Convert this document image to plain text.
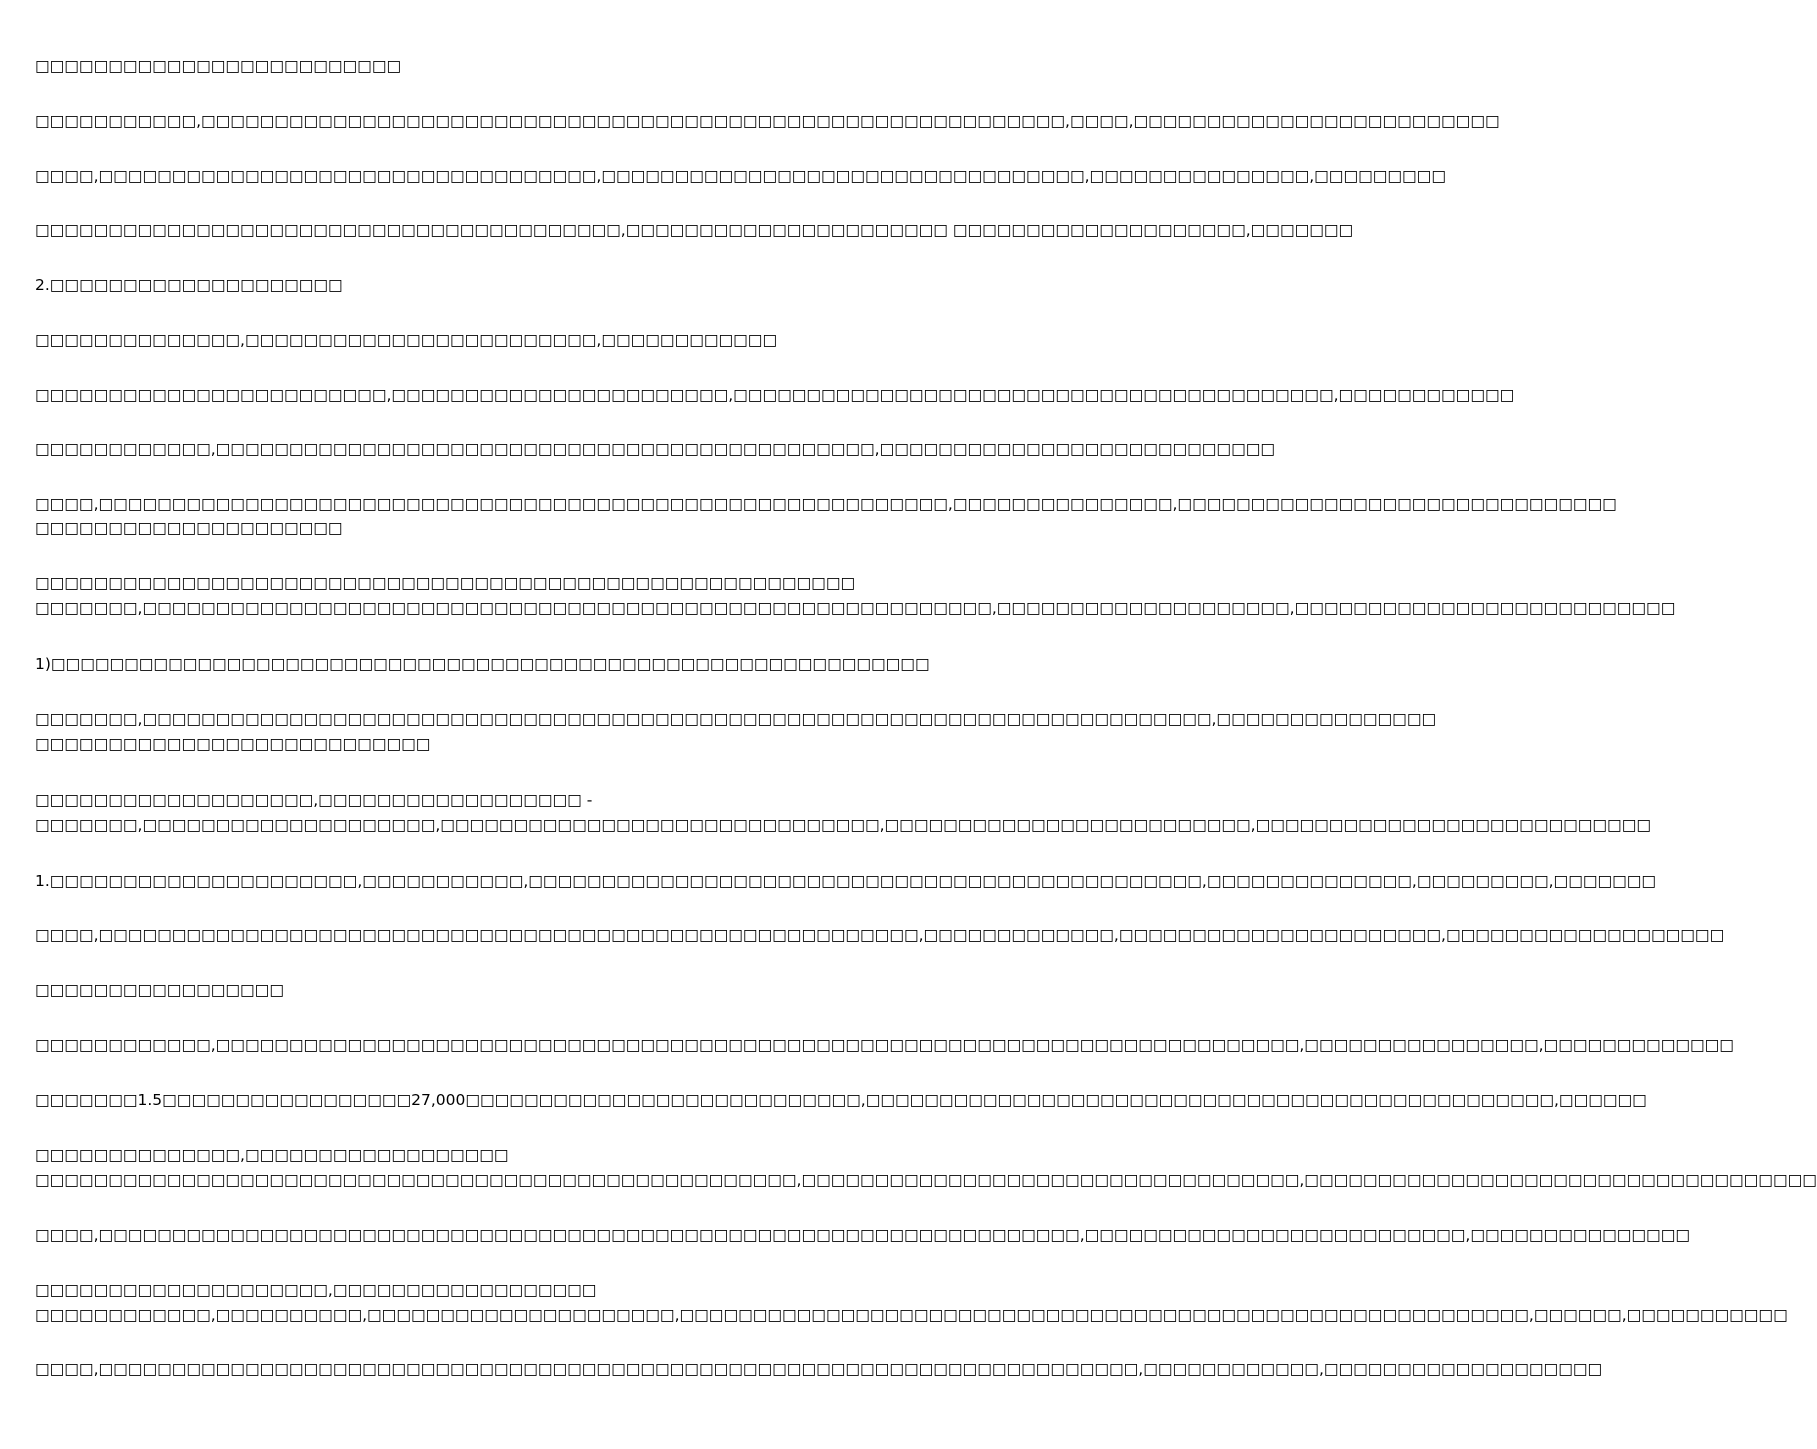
□□□□□□□□□□□□□□□□□□□□□□□□□
□□□□□□□□□□□,□□□□□□□□□□□□□□□□□□□□□□□□□□□□□□□□□□□□□□□□□□□□□□□□□□□□□□□□□□□,□□□□,□□□□□□□□□□□□□□□□□□□□□□□□□
□□□□,□□□□□□□□□□□□□□□□□□□□□□□□□□□□□□□□□□,□□□□□□□□□□□□□□□□□□□□□□□□□□□□□□□□□,□□□□□□□□□□□□□□□,□□□□□□□□□
□□□□□□□□□□□□□□□□□□□□□□□□□□□□□□□□□□□□□□□□,□□□□□□□□□□□□□□□□□□□□□□ □□□□□□□□□□□□□□□□□□□□,□□□□□□□
2.□□□□□□□□□□□□□□□□□□□□
□□□□□□□□□□□□□□,□□□□□□□□□□□□□□□□□□□□□□□□,□□□□□□□□□□□□
□□□□□□□□□□□□□□□□□□□□□□□□,□□□□□□□□□□□□□□□□□□□□□□□,□□□□□□□□□□□□□□□□□□□□□□□□□□□□□□□□□□□□□□□□□,□□□□□□□□□□□□
□□□□□□□□□□□□,□□□□□□□□□□□□□□□□□□□□□□□□□□□□□□□□□□□□□□□□□□□□□,□□□□□□□□□□□□□□□□□□□□□□□□□□□
□□□□,□□□□□□□□□□□□□□□□□□□□□□□□□□□□□□□□□□□□□□□□□□□□□□□□□□□□□□□□□□,□□□□□□□□□□□□□□□,□□□□□□□□□□□□□□□□□□□□□□□□□□□□□□
□□□□□□□□□□□□□□□□□□□□□
□□□□□□□□□□□□□□□□□□□□□□□□□□□□□□□□□□□□□□□□□□□□□□□□□□□□□□□□
□□□□□□□,□□□□□□□□□□□□□□□□□□□□□□□□□□□□□□□□□□□□□□□□□□□□□□□□□□□□□□□□□□,□□□□□□□□□□□□□□□□□□□□,□□□□□□□□□□□□□□□□□□□□□□□□□□
1)□□□□□□□□□□□□□□□□□□□□□□□□□□□□□□□□□□□□□□□□□□□□□□□□□□□□□□□□□□□□
□□□□□□□,□□□□□□□□□□□□□□□□□□□□□□□□□□□□□□□□□□□□□□□□□□□□□□□□□□□□□□□□□□□□□□□□□□□□□□□□□,□□□□□□□□□□□□□□□
□□□□□□□□□□□□□□□□□□□□□□□□□□□
□□□□□□□□□□□□□□□□□□□,□□□□□□□□□□□□□□□□□□ -
□□□□□□□,□□□□□□□□□□□□□□□□□□□□,□□□□□□□□□□□□□□□□□□□□□□□□□□□□□□,□□□□□□□□□□□□□□□□□□□□□□□□□,□□□□□□□□□□□□□□□□□□□□□□□□□□□
1.□□□□□□□□□□□□□□□□□□□□□,□□□□□□□□□□□,□□□□□□□□□□□□□□□□□□□□□□□□□□□□□□□□□□□□□□□□□□□□□□,□□□□□□□□□□□□□□,□□□□□□□□□,□□□□□□□
□□□□,□□□□□□□□□□□□□□□□□□□□□□□□□□□□□□□□□□□□□□□□□□□□□□□□□□□□□□□□,□□□□□□□□□□□□□,□□□□□□□□□□□□□□□□□□□□□□,□□□□□□□□□□□□□□□□□□□
□□□□□□□□□□□□□□□□□
□□□□□□□□□□□□,□□□□□□□□□□□□□□□□□□□□□□□□□□□□□□□□□□□□□□□□□□□□□□□□□□□□□□□□□□□□□□□□□□□□□□□□□□,□□□□□□□□□□□□□□□□,□□□□□□□□□□□□□
□□□□□□□1.5□□□□□□□□□□□□□□□□□27,000□□□□□□□□□□□□□□□□□□□□□□□□□□□,□□□□□□□□□□□□□□□□□□□□□□□□□□□□□□□□□□□□□□□□□□□□□□□,□□□□□□
□□□□□□□□□□□□□□,□□□□□□□□□□□□□□□□□□
□□□□□□□□□□□□□□□□□□□□□□□□□□□□□□□□□□□□□□□□□□□□□□□□□□□□,□□□□□□□□□□□□□□□□□□□□□□□□□□□□□□□□□□,□□□□□□□□□□□□□□□□□□□□□□□□□□□□□□□□□□□
□□□□,□□□□□□□□□□□□□□□□□□□□□□□□□□□□□□□□□□□□□□□□□□□□□□□□□□□□□□□□□□□□□□□□□□□,□□□□□□□□□□□□□□□□□□□□□□□□□□,□□□□□□□□□□□□□□□
□□□□□□□□□□□□□□□□□□□□,□□□□□□□□□□□□□□□□□□
□□□□□□□□□□□□,□□□□□□□□□□,□□□□□□□□□□□□□□□□□□□□□,□□□□□□□□□□□□□□□□□□□□□□□□□□□□□□□□□□□□□□□□□□□□□□□□□□□□□□□□□□,□□□□□□,□□□□□□□□□□□
□□□□,□□□□□□□□□□□□□□□□□□□□□□□□□□□□□□□□□□□□□□□□□□□□□□□□□□□□□□□□□□□□□□□□□□□□□□□,□□□□□□□□□□□□,□□□□□□□□□□□□□□□□□□□
